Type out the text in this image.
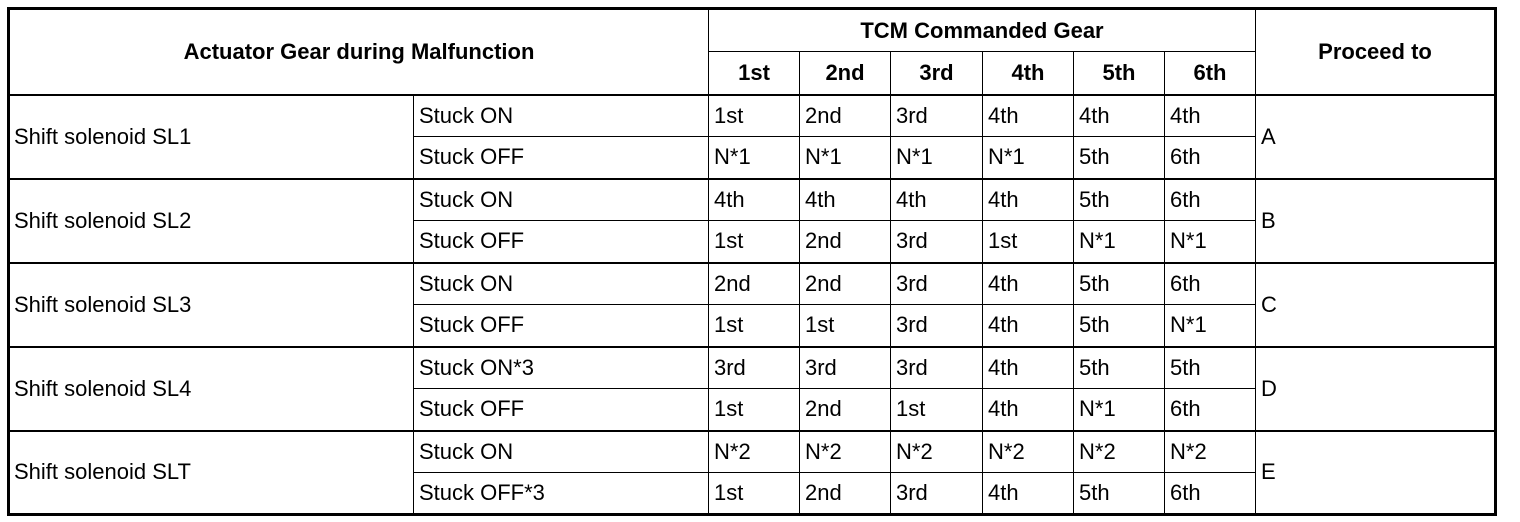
Actuator Gear during Malfunction		TCM Commanded Gear						Proceed to
		1st	2nd	3rd	4th	5th	6th	
Shift solenoid SL1	Stuck ON	1st	2nd	3rd	4th	4th	4th	A
	Stuck OFF	N*1	N*1	N*1	N*1	5th	6th	
Shift solenoid SL2	Stuck ON	4th	4th	4th	4th	5th	6th	B
	Stuck OFF	1st	2nd	3rd	1st	N*1	N*1	
Shift solenoid SL3	Stuck ON	2nd	2nd	3rd	4th	5th	6th	C
	Stuck OFF	1st	1st	3rd	4th	5th	N*1	
Shift solenoid SL4	Stuck ON*3	3rd	3rd	3rd	4th	5th	5th	D
	Stuck OFF	1st	2nd	1st	4th	N*1	6th	
Shift solenoid SLT	Stuck ON	N*2	N*2	N*2	N*2	N*2	N*2	E
	Stuck OFF*3	1st	2nd	3rd	4th	5th	6th	
